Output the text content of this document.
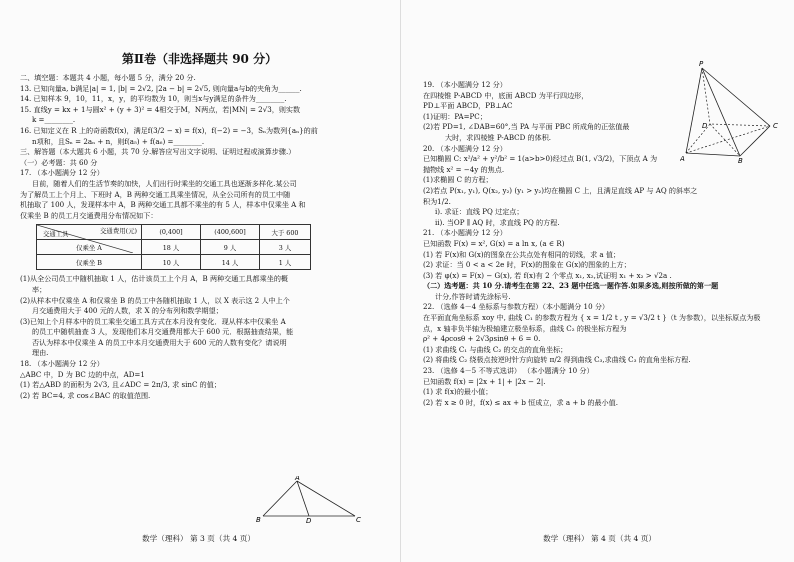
第Ⅱ卷（非选择题共 90 分）
二、填空题：本题共 4 小题，每小题 5 分，满分 20 分.
13. 已知向量a, b满足|a| = 1, |b| = 2√2, |2a − b| = 2√5, 则向量a与b的夹角为______.
14. 已知样本 9，10，11，x，y，的平均数为 10，则当x与y满足的条件为________.
15. 直线y = kx + 1与圆x² + (y + 3)² = 4相交于M，N两点，若|MN| = 2√3，则实数
k =________.
16. 已知定义在 R 上的奇函数f(x)，满足f(3/2 − x) = f(x)，f(−2) = −3，Sₙ为数列{aₙ}的前
n项和，且Sₙ = 2aₙ + n，则f(a₅) + f(a₆) =________.
三、解答题（本大题共 6 小题，共 70 分.解答应写出文字说明、证明过程或演算步骤.）
（一）必考题：共 60 分
17. （本小题满分 12 分）
目前，随着人们的生活节奏的加快，人们出行时乘坐的交通工具也逐渐多样化.某公司
为了解员工上个月上、下班时 A，B 两种交通工具乘坐情况，从全公司所有的员工中随
机抽取了 100 人，发现样本中 A，B 两种交通工具都不乘坐的有 5 人，样本中仅乘坐 A 和
仅乘坐 B 的员工月交通费用分布情况如下：
交通费用(元)
交通工具	(0,400]	(400,600]	大于 600
仅乘坐 A	18 人	9 人	3 人
仅乘坐 B	10 人	14 人	1 人
(1)从全公司员工中随机抽取 1 人，估计该员工上个月 A，B 两种交通工具都乘坐的概
率；
(2)从样本中仅乘坐 A 和仅乘坐 B 的员工中各随机抽取 1 人，以 X 表示这 2 人中上个
月交通费用大于 400 元的人数，求 X 的分布列和数学期望；
(3)已知上个月样本中的员工乘坐交通工具方式在本月没有变化．现从样本中仅乘坐 A
的员工中随机抽查 3 人，发现他们本月交通费用都大于 600 元．根据抽查结果，能
否认为样本中仅乘坐 A 的员工中本月交通费用大于 600 元的人数有变化？请说明
理由.
18. （本小题满分 12 分）
△ABC 中，D 为 BC 边的中点，AD=1
(1) 若△ABD 的面积为 2√3, 且∠ADC = 2π/3, 求 sinC 的值；
(2) 若 BC=4, 求 cos∠BAC 的取值范围.
A
B	D	C
数学（理科） 第 3 页（共 4 页）
19. （本小题满分 12 分）
在四棱锥 P-ABCD 中，底面 ABCD 为平行四边形，
PD⊥平面 ABCD，PB⊥AC
(1)证明：PA=PC；
(2)若 PD=1, ∠DAB=60°,当 PA 与平面 PBC 所成角的正弦值最
大时，求四棱锥 P-ABCD 的体积.
20. （本小题满分 12 分）
已知椭圆 C: x²/a² + y²/b² = 1(a>b>0)经过点 B(1, √3/2)，下顶点 A 为
抛物线 x² = −4y 的焦点.
(1)求椭圆 C 的方程；
(2)若点 P(x₁, y₁), Q(x₂, y₂) (y₁ > y₂)均在椭圆 C 上，且满足直线 AP 与 AQ 的斜率之
积为1/2.
ⅰ). 求证：直线 PQ 过定点；
ⅱ). 当OP ∥ AQ 时，求直线 PQ 的方程.
21. （本小题满分 12 分）
已知函数 F(x) = x², G(x) = a ln x, (a ∈ R)
(1) 若 F(x)和 G(x)的图象在公共点处有相同的切线，求 a 值；
(2) 求证：当 0 < a < 2e 时，F(x)的图象在 G(x)的图象的上方；
(3) 若 φ(x) = F(x) − G(x), 若 f(x)有 2 个零点 x₁, x₂,试证明 x₁ + x₂ > √2a .
（二）选考题：共 10 分.请考生在第 22、23 题中任选一题作答.如果多选,则按所做的第一题
计分,作答时请先涂标号.
22. （选修 4－4 坐标系与参数方程）（本小题满分 10 分）
在平面直角坐标系 xoy 中, 曲线 C₁ 的参数方程为 { x = 1/2 t , y = √3/2 t }（t 为参数），以坐标原点为极
点，x 轴非负半轴为极轴建立极坐标系，曲线 C₂ 的极坐标方程为
ρ² + 4ρcosθ + 2√3ρsinθ + 6 = 0.
(1) 求曲线 C₁ 与曲线 C₂ 的交点的直角坐标；
(2) 将曲线 C₂ 绕极点按逆时针方向旋转 π/2 得到曲线 C₃,求曲线 C₃ 的直角坐标方程.
23. （选修 4－5 不等式选讲） （本小题满分 10 分）
已知函数 f(x) = |2x + 1| + |2x − 2|.
(1) 求 f(x)的最小值；
(2) 若 x ≥ 0 时，f(x) ≤ ax + b 恒成立，求 a + b 的最小值.
数学（理科） 第 4 页（共 4 页）
P
D
A	B
C
